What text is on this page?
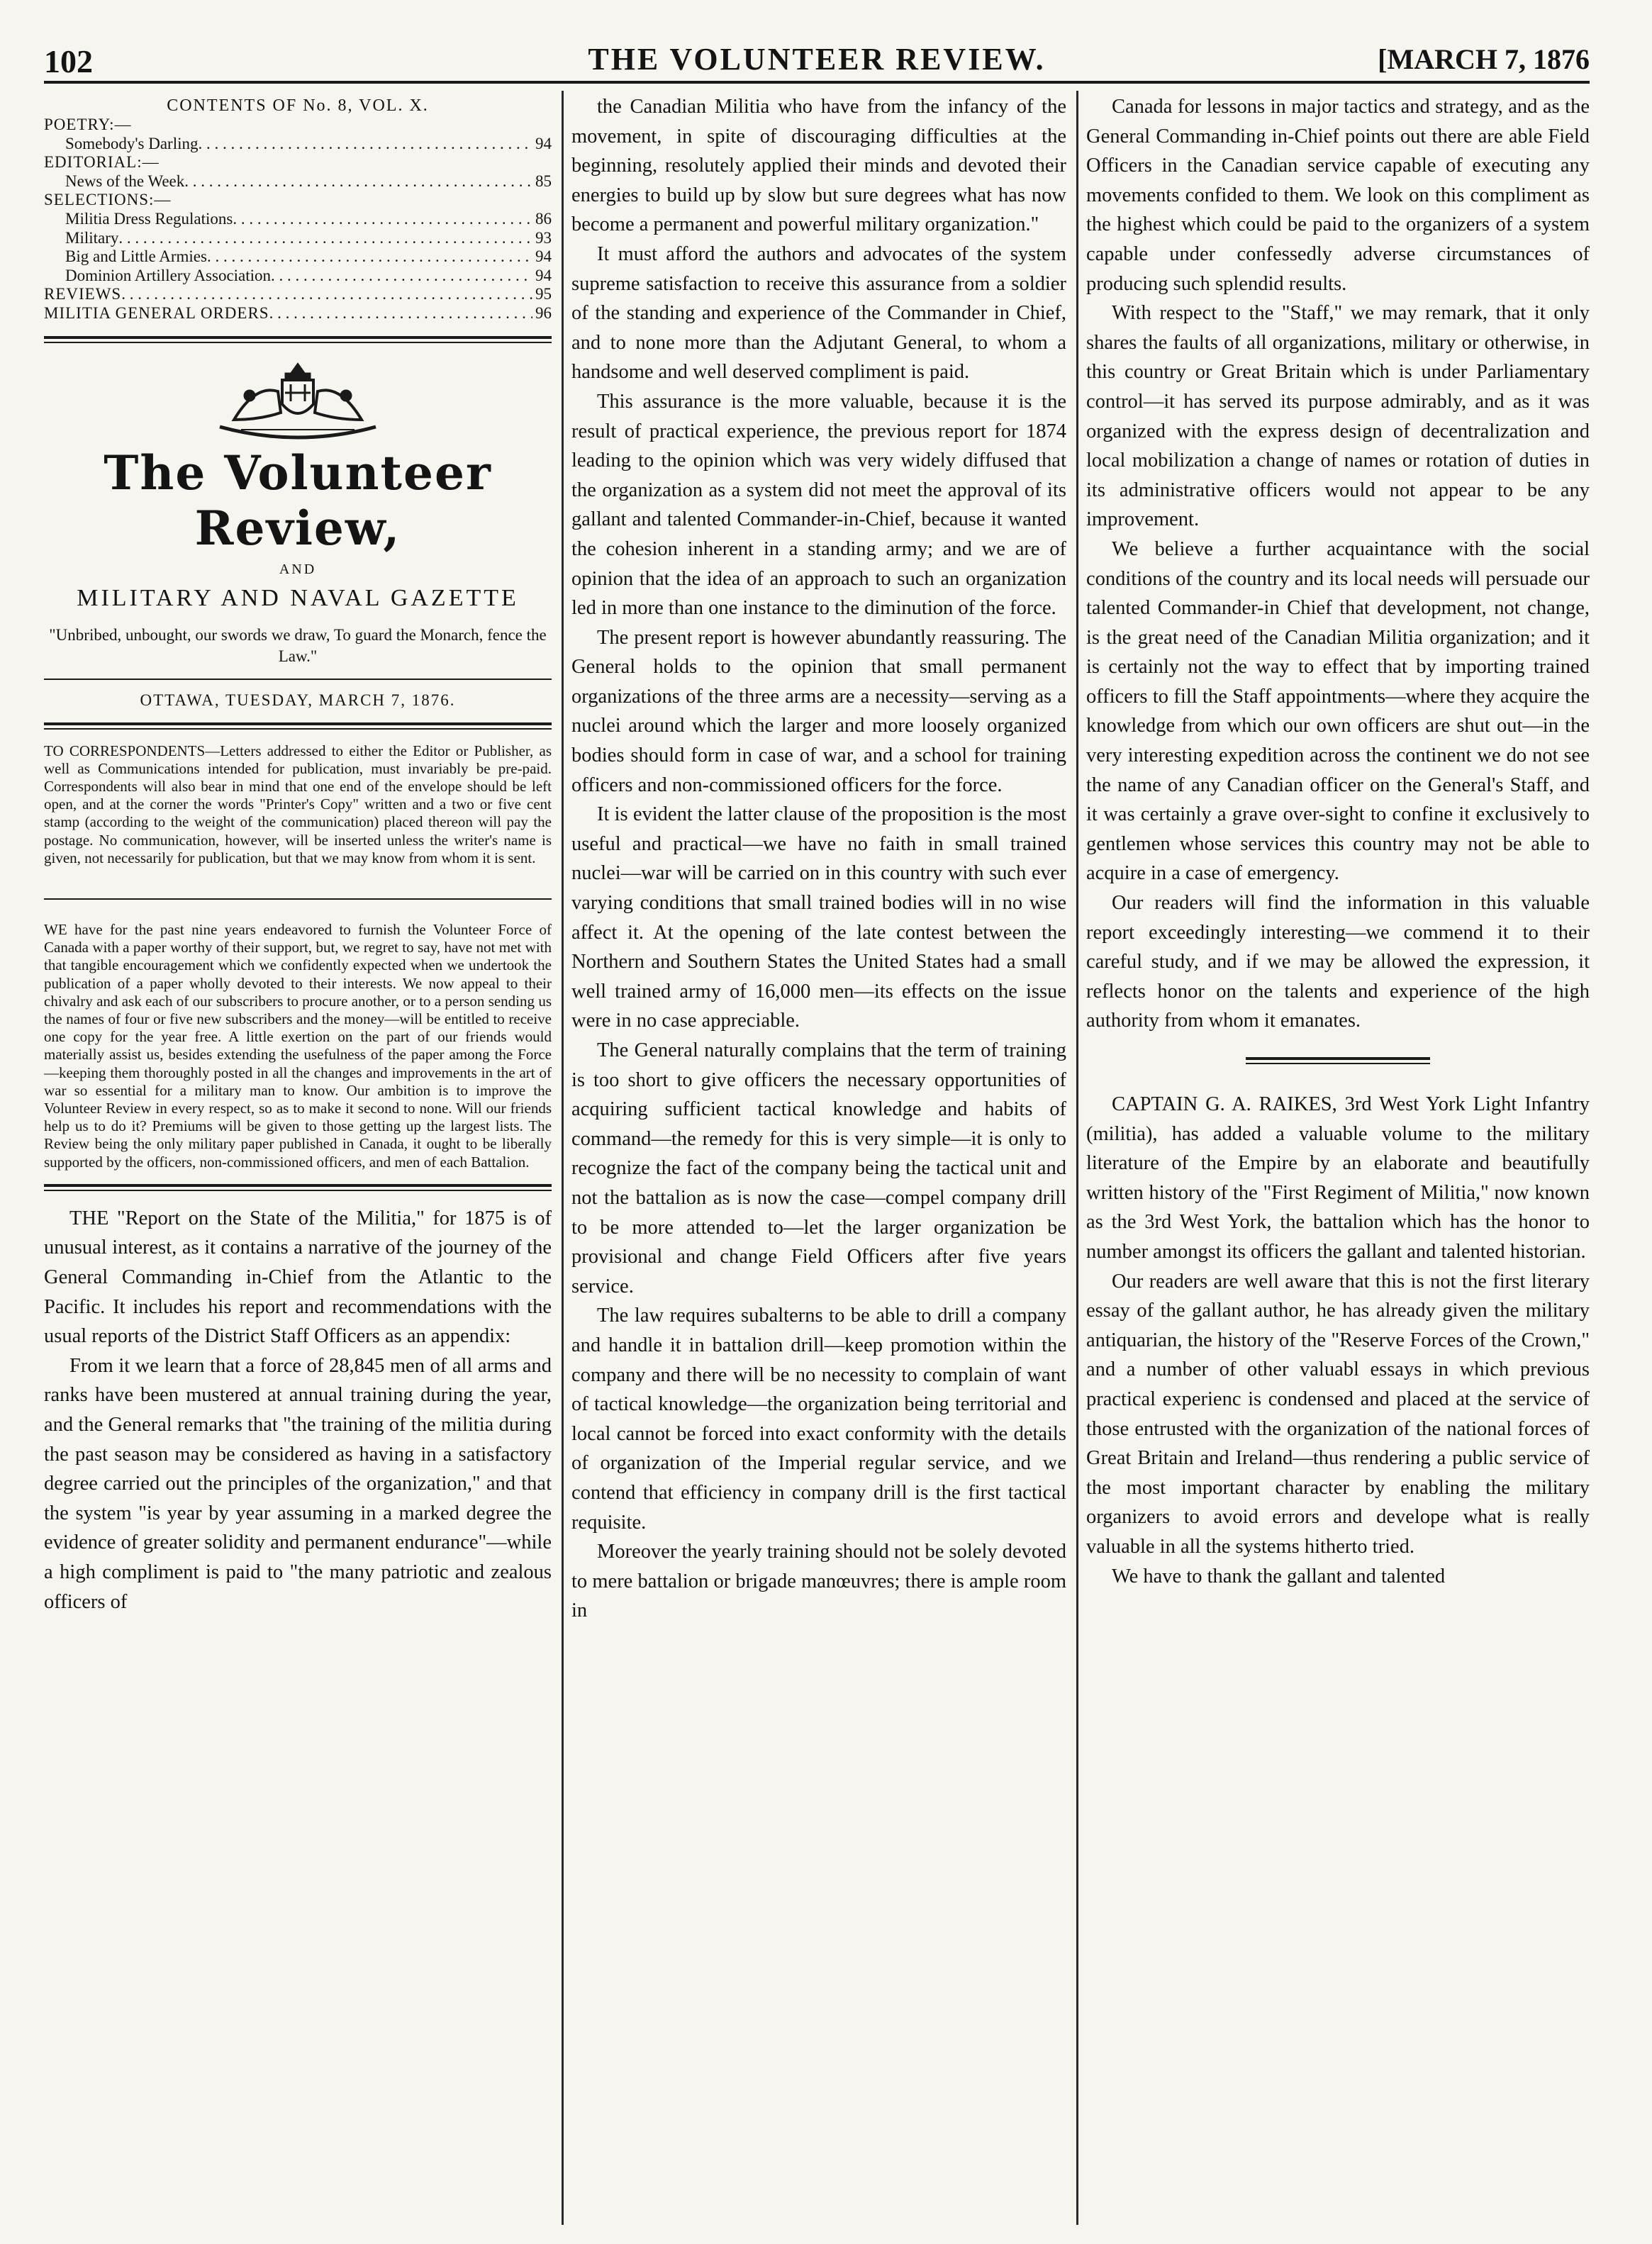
102	THE VOLUNTEER REVIEW.	[MARCH 7, 1876
CONTENTS OF No. 8, VOL. X.
POETRY:—
Somebody's Darling . . .	94
EDITORIAL:—
News of the Week . . .	85
SELECTIONS:—
Militia Dress Regulations . . .	86
Military . . .	93
Big and Little Armies . . .	94
Dominion Artillery Association . . .	94
REVIEWS . . .	95
MILITIA GENERAL ORDERS . . .	96
The Volunteer Review,
AND
MILITARY AND NAVAL GAZETTE
"Unbribed, unbought, our swords we draw, To guard the Monarch, fence the Law."
OTTAWA, TUESDAY, MARCH 7, 1876.

TO CORRESPONDENTS—Letters addressed to either the Editor or Publisher, as well as Communications intended for publication, must invariably be pre-paid. Correspondents will also bear in mind that one end of the envelope should be left open, and at the corner the words "Printer's Copy" written and a two or five cent stamp (according to the weight of the communication) placed thereon will pay the postage. No communication, however, will be inserted unless the writer's name is given, not necessarily for publication, but that we may know from whom it is sent.

WE have for the past nine years endeavored to furnish the Volunteer Force of Canada with a paper worthy of their support, but, we regret to say, have not met with that tangible encouragement which we confidently expected when we undertook the publication of a paper wholly devoted to their interests. We now appeal to their chivalry and ask each of our subscribers to procure another, or to a person sending us the names of four or five new subscribers and the money—will be entitled to receive one copy for the year free. A little exertion on the part of our friends would materially assist us, besides extending the usefulness of the paper among the Force—keeping them thoroughly posted in all the changes and improvements in the art of war so essential for a military man to know. Our ambition is to improve the Volunteer Review in every respect, so as to make it second to none. Will our friends help us to do it? Premiums will be given to those getting up the largest lists. The Review being the only military paper published in Canada, it ought to be liberally supported by the officers, non-commissioned officers, and men of each Battalion.

THE "Report on the State of the Militia," for 1875 is of unusual interest, as it contains a narrative of the journey of the General Commanding in-Chief from the Atlantic to the Pacific. It includes his report and recommendations with the usual reports of the District Staff Officers as an appendix:

From it we learn that a force of 28,845 men of all arms and ranks have been mustered at annual training during the year, and the General remarks that "the training of the militia during the past season may be considered as having in a satisfactory degree carried out the principles of the organization," and that the system "is year by year assuming in a marked degree the evidence of greater solidity and permanent endurance"—while a high compliment is paid to "the many patriotic and zealous officers of

the Canadian Militia who have from the infancy of the movement, in spite of discouraging difficulties at the beginning, resolutely applied their minds and devoted their energies to build up by slow but sure degrees what has now become a permanent and powerful military organization."

It must afford the authors and advocates of the system supreme satisfaction to receive this assurance from a soldier of the standing and experience of the Commander in Chief, and to none more than the Adjutant General, to whom a handsome and well deserved compliment is paid.

This assurance is the more valuable, because it is the result of practical experience, the previous report for 1874 leading to the opinion which was very widely diffused that the organization as a system did not meet the approval of its gallant and talented Commander-in-Chief, because it wanted the cohesion inherent in a standing army; and we are of opinion that the idea of an approach to such an organization led in more than one instance to the diminution of the force.

The present report is however abundantly reassuring. The General holds to the opinion that small permanent organizations of the three arms are a necessity—serving as a nuclei around which the larger and more loosely organized bodies should form in case of war, and a school for training officers and non-commissioned officers for the force.

It is evident the latter clause of the proposition is the most useful and practical—we have no faith in small trained nuclei—war will be carried on in this country with such ever varying conditions that small trained bodies will in no wise affect it. At the opening of the late contest between the Northern and Southern States the United States had a small well trained army of 16,000 men—its effects on the issue were in no case appreciable.

The General naturally complains that the term of training is too short to give officers the necessary opportunities of acquiring sufficient tactical knowledge and habits of command—the remedy for this is very simple—it is only to recognize the fact of the company being the tactical unit and not the battalion as is now the case—compel company drill to be more attended to—let the larger organization be provisional and change Field Officers after five years service.

The law requires subalterns to be able to drill a company and handle it in battalion drill—keep promotion within the company and there will be no necessity to complain of want of tactical knowledge—the organization being territorial and local cannot be forced into exact conformity with the details of organization of the Imperial regular service, and we contend that efficiency in company drill is the first tactical requisite.

Moreover the yearly training should not be solely devoted to mere battalion or brigade manœuvres; there is ample room in

Canada for lessons in major tactics and strategy, and as the General Commanding in-Chief points out there are able Field Officers in the Canadian service capable of executing any movements confided to them. We look on this compliment as the highest which could be paid to the organizers of a system capable under confessedly adverse circumstances of producing such splendid results.

With respect to the "Staff," we may remark, that it only shares the faults of all organizations, military or otherwise, in this country or Great Britain which is under Parliamentary control—it has served its purpose admirably, and as it was organized with the express design of decentralization and local mobilization a change of names or rotation of duties in its administrative officers would not appear to be any improvement.

We believe a further acquaintance with the social conditions of the country and its local needs will persuade our talented Commander-in Chief that development, not change, is the great need of the Canadian Militia organization; and it is certainly not the way to effect that by importing trained officers to fill the Staff appointments—where they acquire the knowledge from which our own officers are shut out—in the very interesting expedition across the continent we do not see the name of any Canadian officer on the General's Staff, and it was certainly a grave over-sight to confine it exclusively to gentlemen whose services this country may not be able to acquire in a case of emergency.

Our readers will find the information in this valuable report exceedingly interesting—we commend it to their careful study, and if we may be allowed the expression, it reflects honor on the talents and experience of the high authority from whom it emanates.

CAPTAIN G. A. RAIKES, 3rd West York Light Infantry (militia), has added a valuable volume to the military literature of the Empire by an elaborate and beautifully written history of the "First Regiment of Militia," now known as the 3rd West York, the battalion which has the honor to number amongst its officers the gallant and talented historian.

Our readers are well aware that this is not the first literary essay of the gallant author, he has already given the military antiquarian, the history of the "Reserve Forces of the Crown," and a number of other valuabl essays in which previous practical experienc is condensed and placed at the service of those entrusted with the organization of the national forces of Great Britain and Ireland—thus rendering a public service of the most important character by enabling the military organizers to avoid errors and develope what is really valuable in all the systems hitherto tried.

We have to thank the gallant and talented
